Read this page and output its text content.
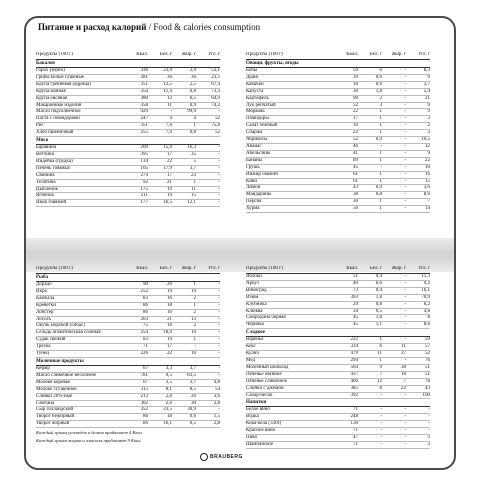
Питание и расход калорий / Food & calories consumption
Продукты (100 г)	Ккал.	Бел. г	Жир. г	Угл. г
Бакалея
Горох (зерно)	336	23,4	2,4	53,1
Грибы белые сушеные	281	36	36	23,5
Крупа гречневая (ядрица)	351	12,5	2,5	67,4
Крупа манная	354	11,4	0,8	73,3
Крупа овсяная	380	13	6,5	64,9
Макаронные изделия	358	11	0,9	74,2
Масло подсолнечное	929	-	99,9	-
Паста с помидорами	247	4	4	52
Рис	351	7,6	1	75,8
Хлеб пшеничный	255	7,9	0,8	52
Мясо
Баранина	209	15,6	16,3	-
Ветчина	395	17	35	-
Индейка (грудка)	134	22	5	-
Печень говяжья	105	17,9	3,7	-
Свинина	274	17	23	-
Телятина	92	21	1	-
Цыпленок	175	19	11	-
Ягненок	211	19	15	-
Язык говяжий	177	16,5	12,1	-
Продукты (100 г)	Ккал.	Бел. г	Жир. г	Угл. г
Овощи, фрукты, ягоды
Бобы	59	6	-	8,3
Дыня	39	0,6	-	9
Кабачки	18	0,6	-	3,7
Капуста	30	1,8	-	5,4
Картофель	90	2	-	21
Лук репчатый	52	3	-	9
Морковь	22	1	-	9
Помидоры	17	1	-	3
Салат зеленый	16	1	-	2
Спаржа	22	1	-	3
Абрикосы	52	0,9	-	10,5
Ананас	46	-	-	12
Апельсины	41	1	-	9
Бананы	89	1	-	22
Груша	45	-	-	10
Инжир свежий	61	1	-	16
Киви	61	1	-	15
Лимон	43	0,9	-	3,6
Мандарины	38	0,8	-	8,6
Персик	30	1	-	7
Хурма	56	1	-	14
Продукты (100 г)	Ккал.	Бел. г	Жир. г	Угл. г
Рыба
Дорадо	90	20	1	-
Икра	252	19	19	-
Камбала	83	16	2	-
Креветки	86	18	1	-
Лобстер	86	16	2	-
Лосось	203	21	13	-
Окунь морской (сибас)	75	16	2	-
Сельдь атлантическая соленая	254	18,9	19	-
Судак свежий	83	19	1	-
Треска	71	17	-	-
Тунец	226	22	16	-
Молочные продукты
Кефир	67	3,3	3,7	-
Масло сливочное несоленое	781	0,5	83,5	-
Молоко коровье	67	3,5	3,7	4,8
Молоко сгущенное	315	8,1	8,5	54
Сливки 20%-ные	213	2,8	20	3,6
Сметана	302	2,6	30	2,8
Сыр голландский	352	23,5	30,9	-
Творог нежирный	86	18	0,6	1,5
Творог жирный	86	16,1	0,5	2,8
Каждый грамм углеводов и белков прибавляет 4 Ккал.
Каждый грамм жиров и алкоголя прибавляет 9 Ккал.
Продукты (100 г)	Ккал.	Бел. г	Жир. г	Угл. г
Яблоки	51	0,4	-	11,3
Арбуз	40	0,6	-	9,2
Виноград	73	0,4	-	16,1
Изюм	303	1,8	-	70,9
Клубника	29	0,8	-	6,2
Клюква	34	0,5	-	4,8
Смородина черная	45	1,8	-	8
Черника	45	1,1	-	8,6
Сладкое
Варенье	222	1	-	59
Кекс	334	6	11	57
Кулич	479	11	27	52
Мед	294	1	-	76
Молочный шоколад	564	9	38	51
Печенье овсяное	437	7	18	51
Печенье сливочное	406	12	7	78
Слойки с джемом	385	8	22	43
Сахар-песок	392	-	-	100
Напитки
Белое вино	71	-	-	-
Водка	248	-	-	-
Кока-кола (330г)	130	-	-	-
Красное вино	71	-	-	-
Пиво	47	-	-	3
Шампанское	71	-	-	3
BRAUBERG
